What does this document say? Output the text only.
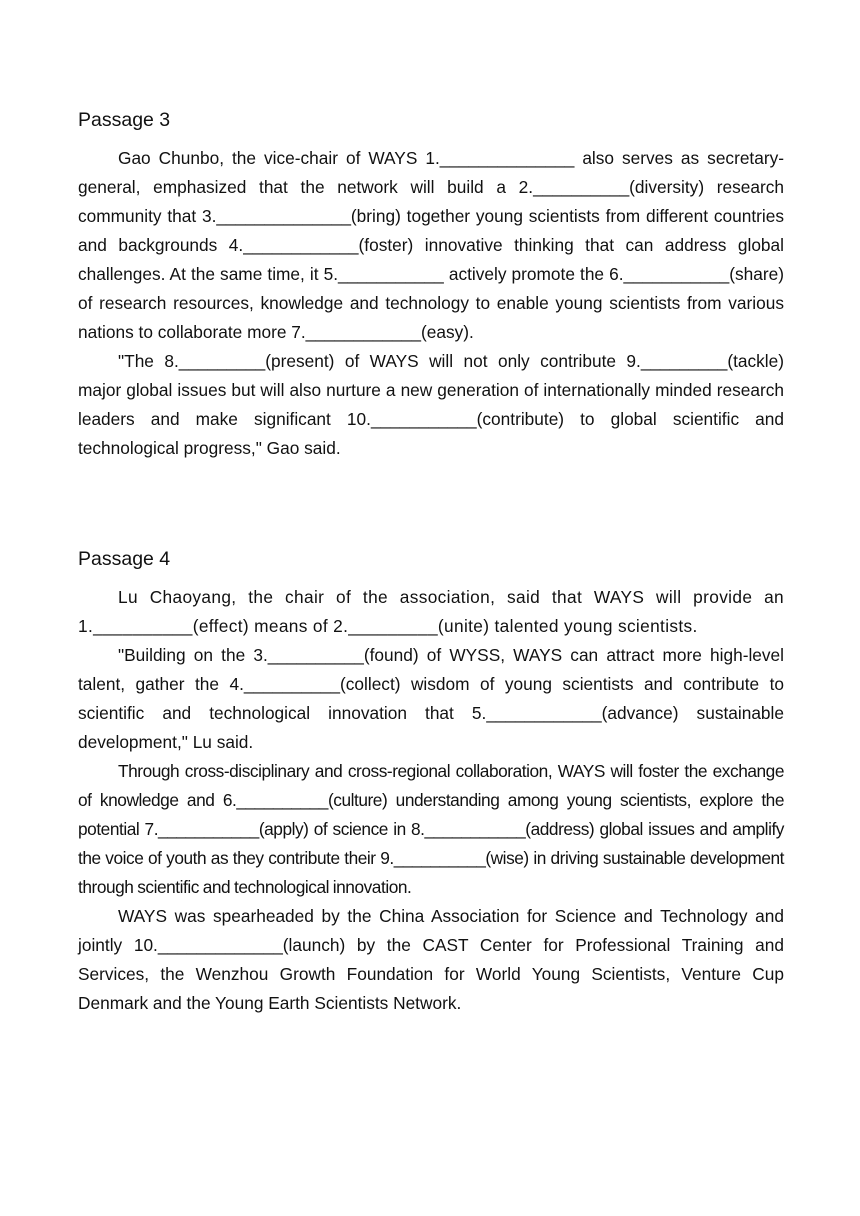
Passage 3

Gao Chunbo, the vice-chair of WAYS 1.______________ also serves as secretary-general, emphasized that the network will build a 2.__________(diversity) research community that 3.______________(bring) together young scientists from different countries and backgrounds 4.____________(foster) innovative thinking that can address global challenges. At the same time, it 5.___________ actively promote the 6.___________(share) of research resources, knowledge and technology to enable young scientists from various nations to collaborate more 7.____________(easy).

"The 8._________(present) of WAYS will not only contribute 9._________(tackle) major global issues but will also nurture a new generation of internationally minded research leaders and make significant 10.___________(contribute) to global scientific and technological progress," Gao said.

Passage 4

Lu Chaoyang, the chair of the association, said that WAYS will provide an 1.__________(effect) means of 2._________(unite) talented young scientists.

"Building on the 3.__________(found) of WYSS, WAYS can attract more high-level talent, gather the 4.__________(collect) wisdom of young scientists and contribute to scientific and technological innovation that 5.____________(advance) sustainable development," Lu said.

Through cross-disciplinary and cross-regional collaboration, WAYS will foster the exchange of knowledge and 6.__________(culture) understanding among young scientists, explore the potential 7.___________(apply) of science in 8.___________(address) global issues and amplify the voice of youth as they contribute their 9.__________(wise) in driving sustainable development through scientific and technological innovation.

WAYS was spearheaded by the China Association for Science and Technology and jointly 10._____________(launch) by the CAST Center for Professional Training and Services, the Wenzhou Growth Foundation for World Young Scientists, Venture Cup Denmark and the Young Earth Scientists Network.
